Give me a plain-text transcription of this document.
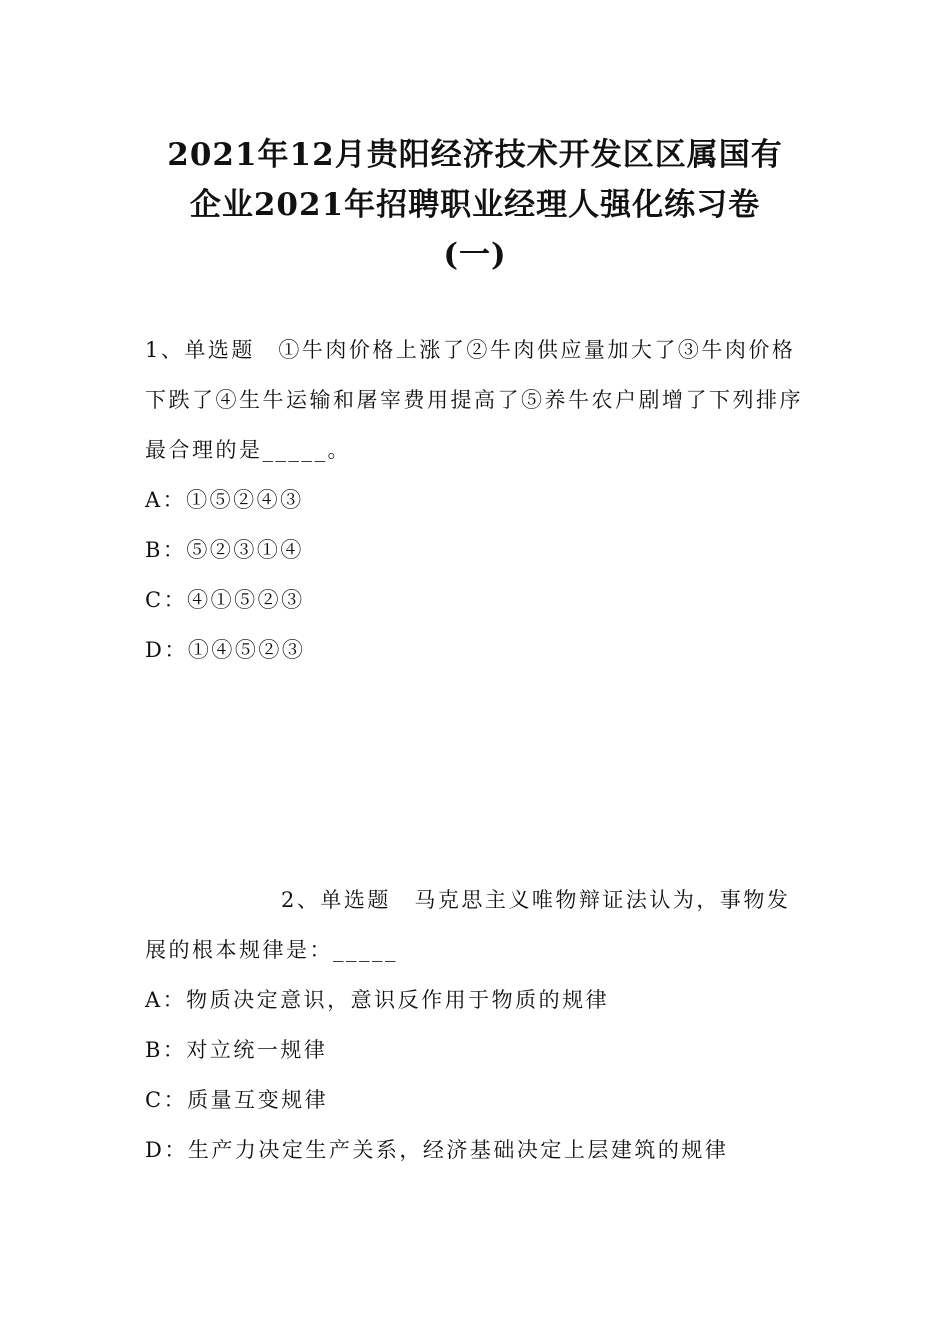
2021年12月贵阳经济技术开发区区属国有
企业2021年招聘职业经理人强化练习卷
(一)

1、单选题　①牛肉价格上涨了②牛肉供应量加大了③牛肉价格下跌了④生牛运输和屠宰费用提高了⑤养牛农户剧增了下列排序最合理的是_____。

A：①⑤②④③

B：⑤②③①④

C：④①⑤②③

D：①④⑤②③

2、单选题　马克思主义唯物辩证法认为，事物发展的根本规律是：_____

A：物质决定意识，意识反作用于物质的规律

B：对立统一规律

C：质量互变规律

D：生产力决定生产关系，经济基础决定上层建筑的规律
